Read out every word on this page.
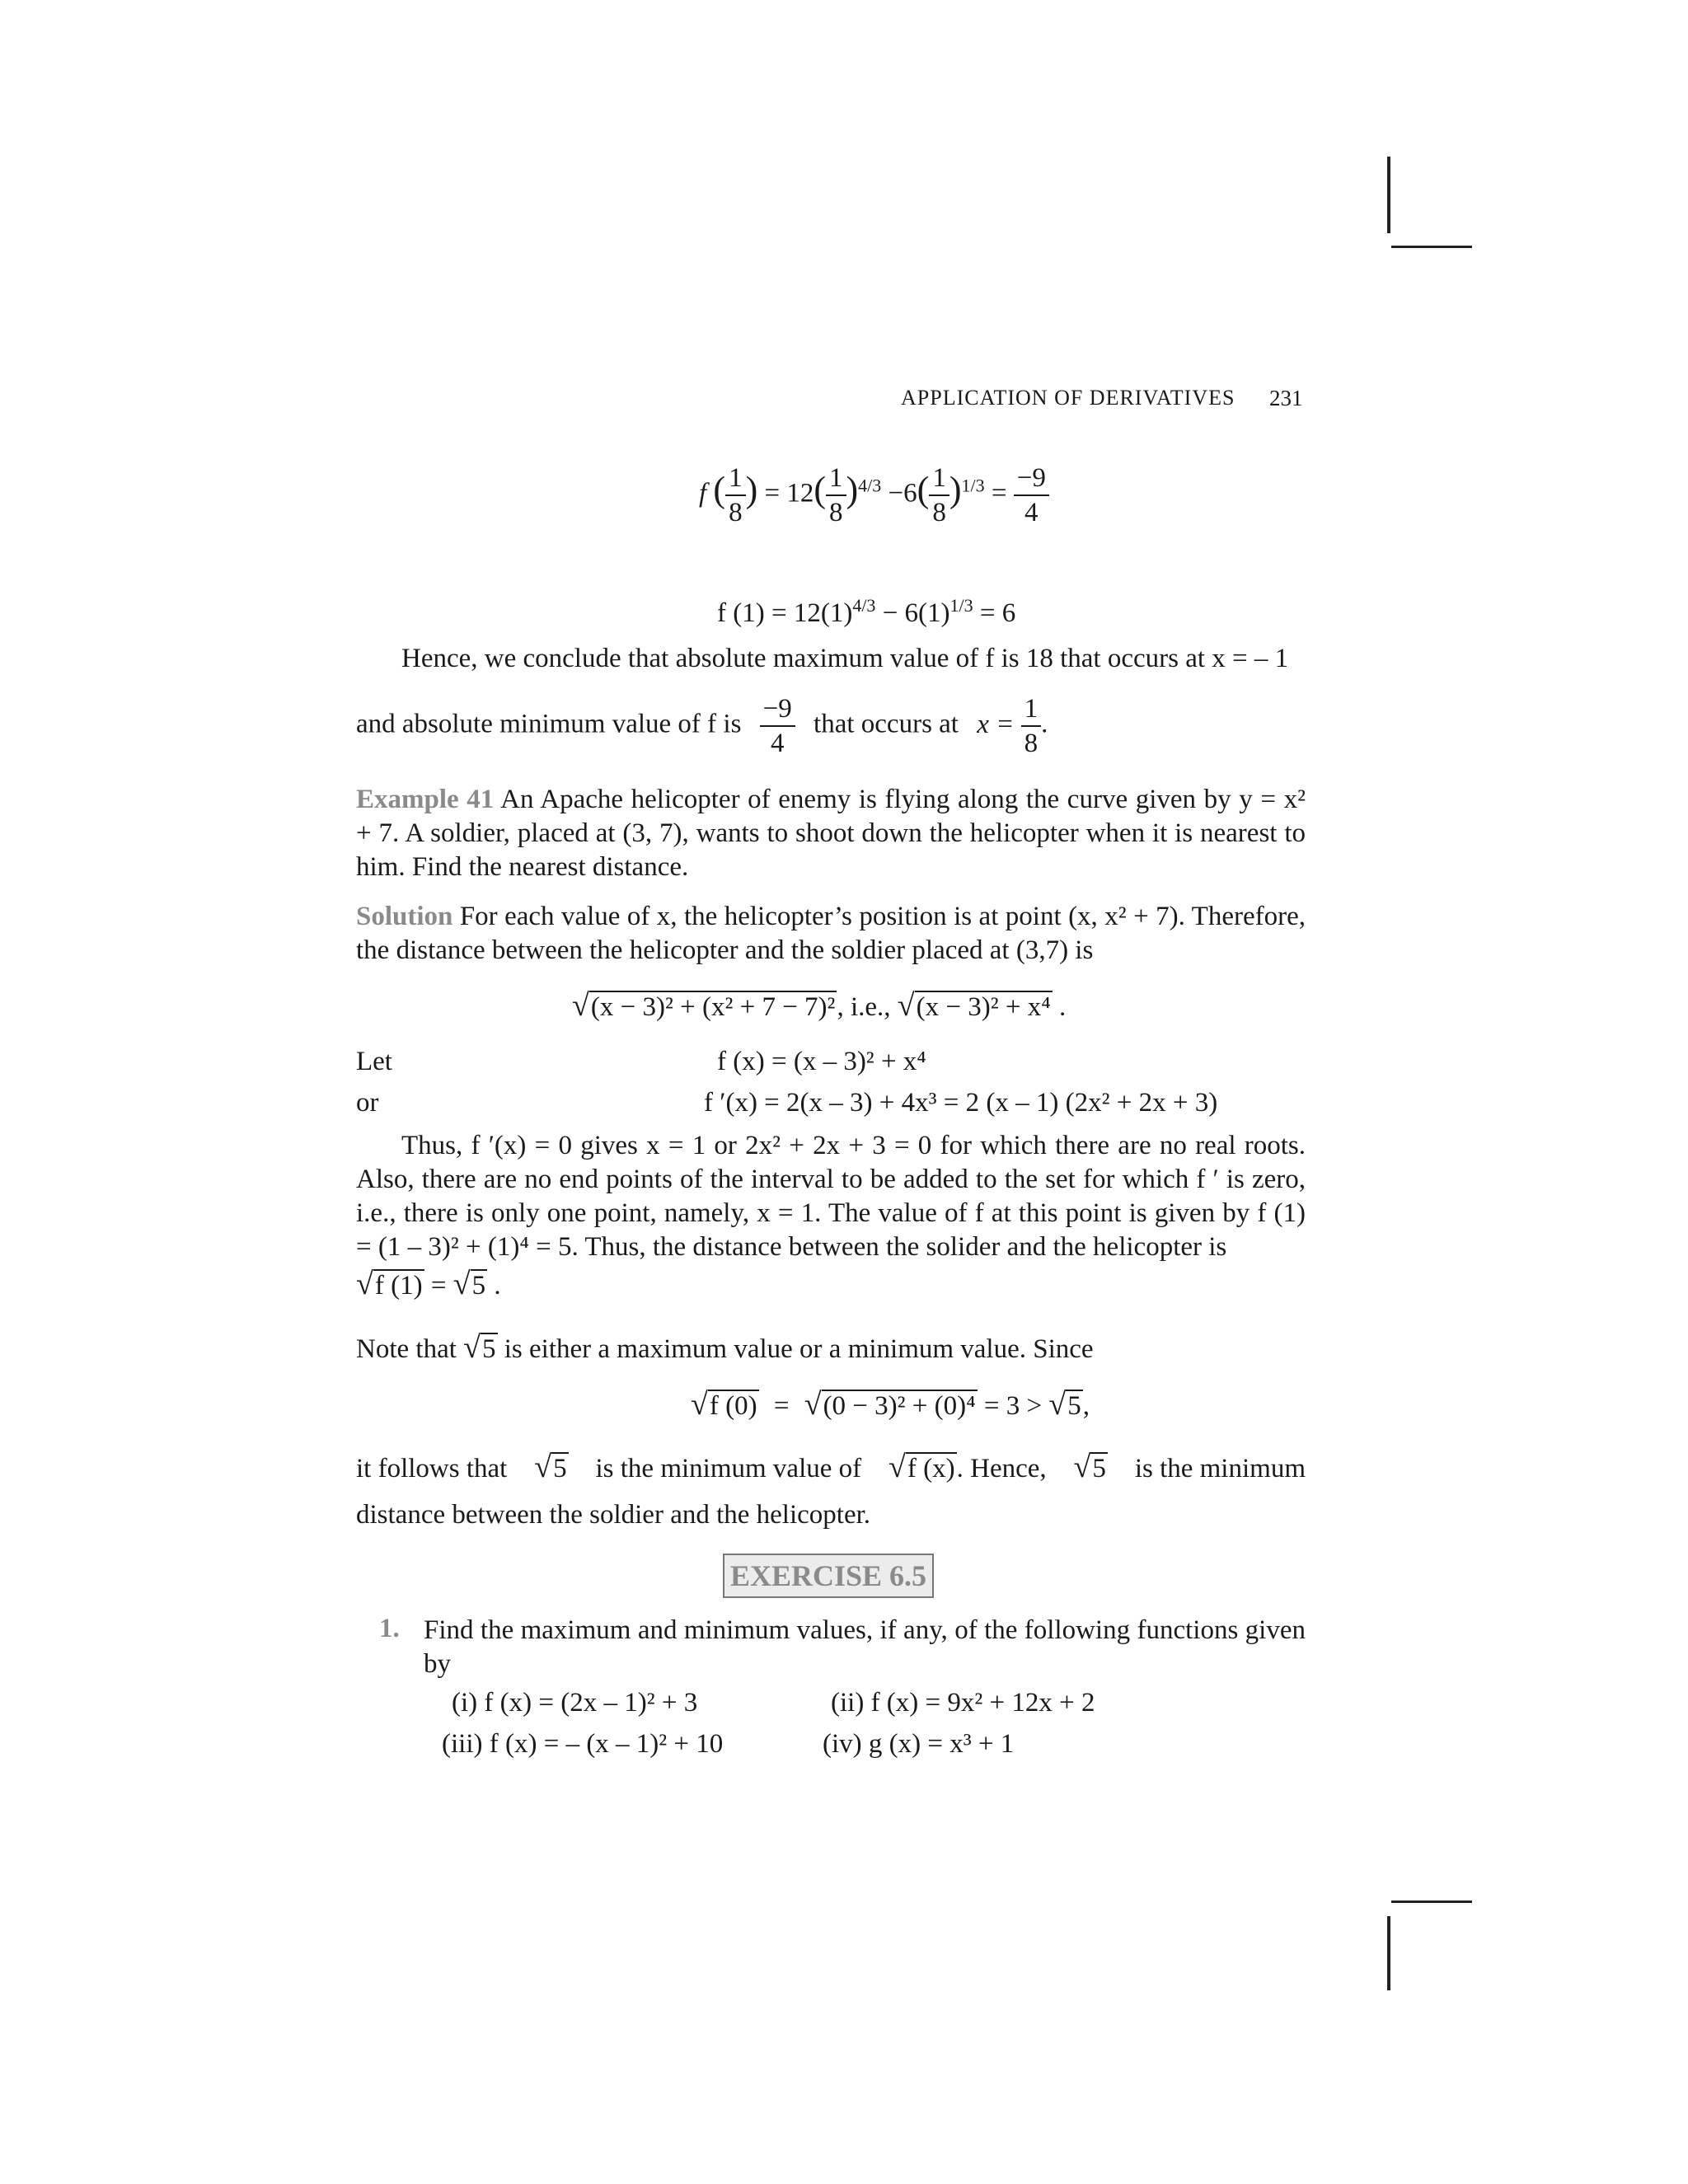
APPLICATION OF DERIVATIVES 231
f ( $\frac{1}{8}$ ) = $12( \frac{1}{8} )^{4/3} -6( \frac{1}{8} )^{1/3} = \frac{-9}{4}$
f $(1) = 12(1)^{4/3} - 6(1)^{1/3} = 6$
Hence, we conclude that absolute maximum value of f is 18 that occurs at x = – 1
and absolute minimum value of f is $\frac{-9}{4}$ that occurs at $x = \frac{1}{8}$ .
Example 41 An Apache helicopter of enemy is flying along the curve given by y = x² + 7. A soldier, placed at (3, 7), wants to shoot down the helicopter when it is nearest to him. Find the nearest distance.
Solution For each value of x, the helicopter’s position is at point (x, x² + 7). Therefore, the distance between the helicopter and the soldier placed at (3,7) is
√(x − 3)² + (x² + 7 − 7)², i.e., √(x − 3)² + x⁴ .
Let	f (x) = (x – 3)² + x⁴
or	f ′(x) = 2(x – 3) + 4x³ = 2 (x – 1) (2x² + 2x + 3)
Thus, f ′(x) = 0 gives x = 1 or 2x² + 2x + 3 = 0 for which there are no real roots. Also, there are no end points of the interval to be added to the set for which f ′ is zero, i.e., there is only one point, namely, x = 1. The value of f at this point is given by f (1) = (1 – 3)² + (1)⁴ = 5. Thus, the distance between the solider and the helicopter is
√f (1) = √5 .
Note that √5 is either a maximum value or a minimum value. Since
√f (0) = √(0 − 3)² + (0)⁴ = 3 > √5,
it follows that √5 is the minimum value of √f (x). Hence, √5 is the minimum
distance between the soldier and the helicopter.
EXERCISE 6.5
1. Find the maximum and minimum values, if any, of the following functions given by
(i) f (x) = (2x – 1)² + 3	(ii) f (x) = 9x² + 12x + 2
(iii) f (x) = – (x – 1)² + 10	(iv) g (x) = x³ + 1
